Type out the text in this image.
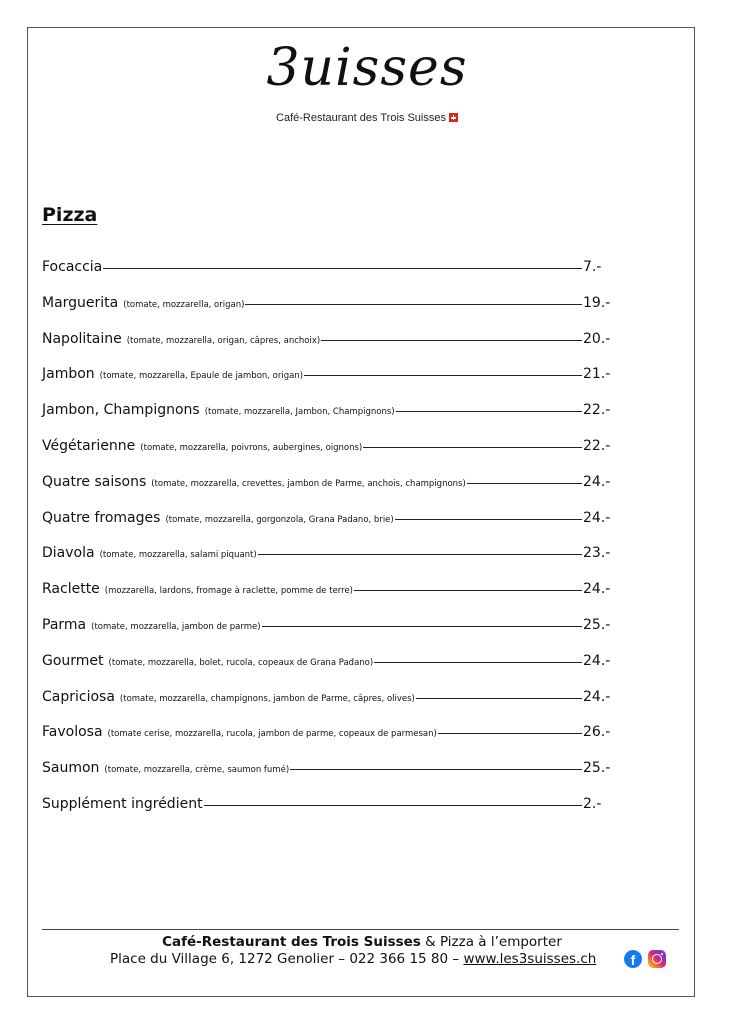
3uisses
Café-Restaurant des Trois Suisses
Pizza
Focaccia	7.-
Marguerita (tomate, mozzarella, origan)	19.-
Napolitaine (tomate, mozzarella, origan, câpres, anchoix)	20.-
Jambon (tomate, mozzarella, Epaule de jambon, origan)	21.-
Jambon, Champignons (tomate, mozzarella, Jambon, Champignons)	22.-
Végétarienne (tomate, mozzarella, poivrons, aubergines, oignons)	22.-
Quatre saisons (tomate, mozzarella, crevettes, jambon de Parme, anchois, champignons)	24.-
Quatre fromages (tomate, mozzarella, gorgonzola, Grana Padano, brie)	24.-
Diavola (tomate, mozzarella, salami piquant)	23.-
Raclette (mozzarella, lardons, fromage à raclette, pomme de terre)	24.-
Parma (tomate, mozzarella, jambon de parme)	25.-
Gourmet (tomate, mozzarella, bolet, rucola, copeaux de Grana Padano)	24.-
Capriciosa (tomate, mozzarella, champignons, jambon de Parme, câpres, olives)	24.-
Favolosa (tomate cerise, mozzarella, rucola, jambon de parme, copeaux de parmesan)	26.-
Saumon (tomate, mozzarella, crème, saumon fumé)	25.-
Supplément ingrédient	2.-
Café-Restaurant des Trois Suisses & Pizza à l’emporter
Place du Village 6, 1272 Genolier – 022 366 15 80 – www.les3suisses.ch	f
